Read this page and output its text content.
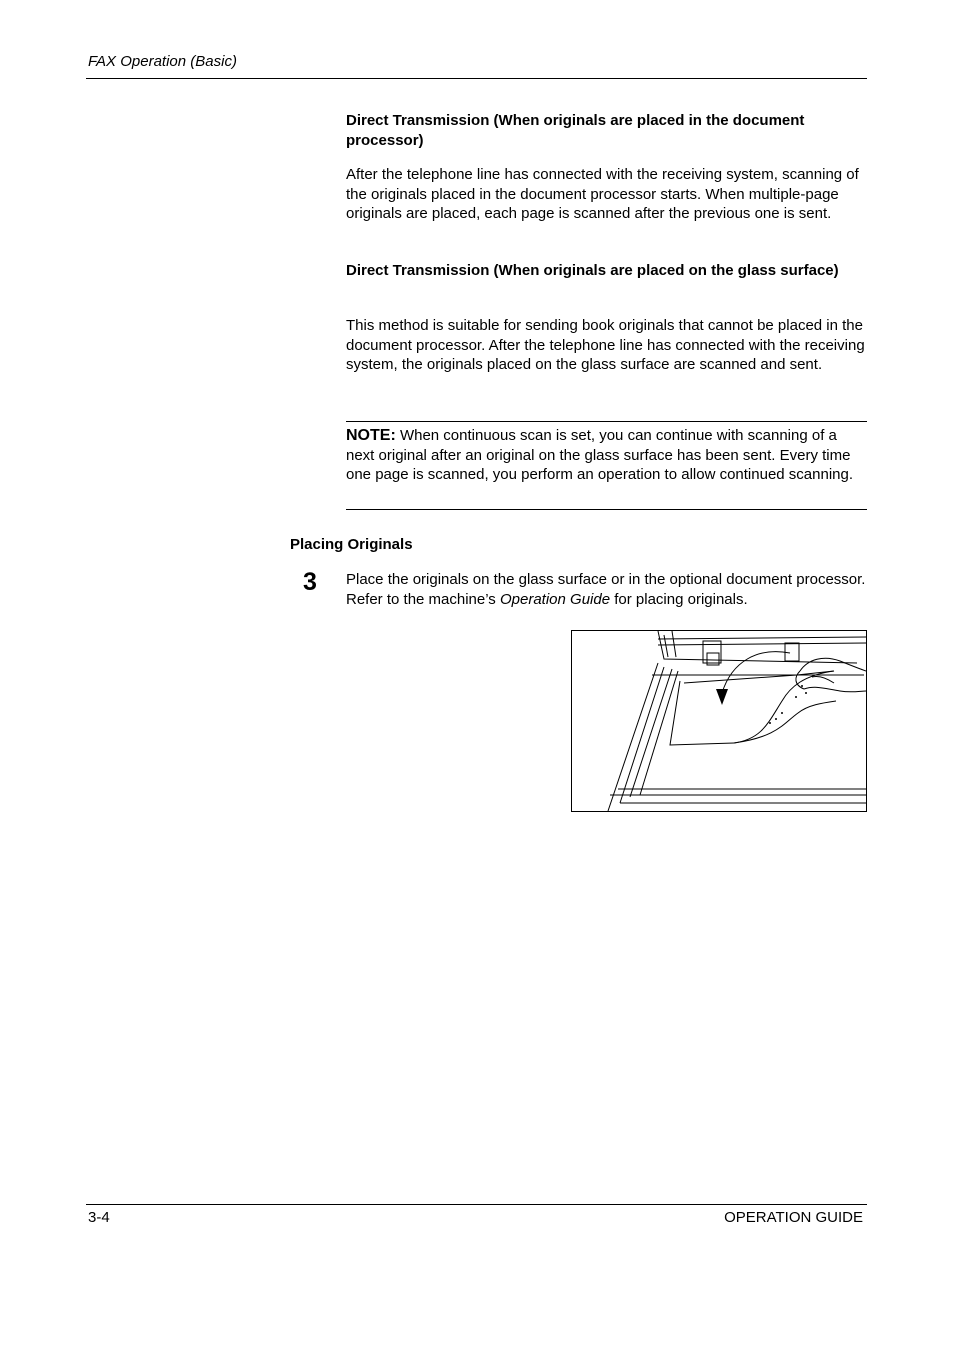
FAX Operation (Basic)
Direct Transmission (When originals are placed in the document processor)
After the telephone line has connected with the receiving system, scanning of the originals placed in the document processor starts. When multiple-page originals are placed, each page is scanned after the previous one is sent.
Direct Transmission (When originals are placed on the glass surface)
This method is suitable for sending book originals that cannot be placed in the document processor. After the telephone line has connected with the receiving system, the originals placed on the glass surface are scanned and sent.
NOTE: When continuous scan is set, you can continue with scanning of a next original after an original on the glass surface has been sent. Every time one page is scanned, you perform an operation to allow continued scanning.
Placing Originals
3 Place the originals on the glass surface or in the optional document processor. Refer to the machine’s Operation Guide for placing originals.
3-4	OPERATION GUIDE
